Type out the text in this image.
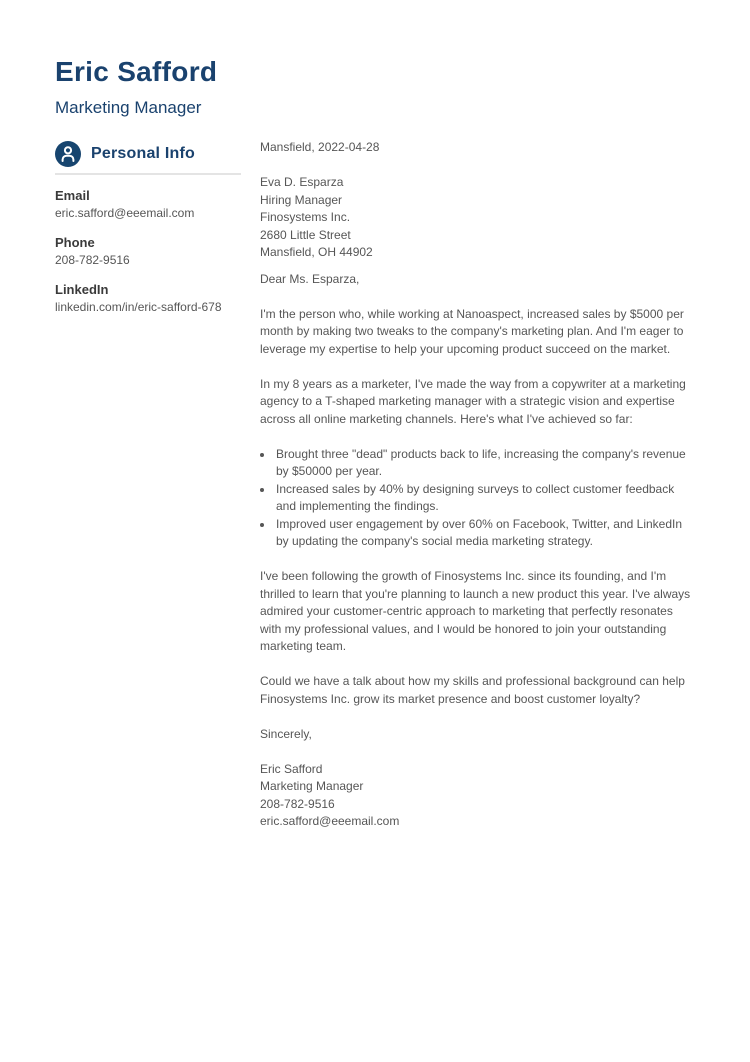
Eric Safford
Marketing Manager
Personal Info
Email
eric.safford@eeemail.com
Phone
208-782-9516
LinkedIn
linkedin.com/in/eric-safford-678

Mansfield, 2022-04-28

Eva D. Esparza

Hiring Manager

Finosystems Inc.

2680 Little Street

Mansfield, OH 44902

Dear Ms. Esparza,

I'm the person who, while working at Nanoaspect, increased sales by $5000 per month by making two tweaks to the company's marketing plan. And I'm eager to leverage my expertise to help your upcoming product succeed on the market.

In my 8 years as a marketer, I've made the way from a copywriter at a marketing agency to a T-shaped marketing manager with a strategic vision and expertise across all online marketing channels. Here's what I've achieved so far:

• Brought three "dead" products back to life, increasing the company's revenue by $50000 per year.
• Increased sales by 40% by designing surveys to collect customer feedback and implementing the findings.
• Improved user engagement by over 60% on Facebook, Twitter, and LinkedIn by updating the company's social media marketing strategy.

I've been following the growth of Finosystems Inc. since its founding, and I'm thrilled to learn that you're planning to launch a new product this year. I've always admired your customer-centric approach to marketing that perfectly resonates with my professional values, and I would be honored to join your outstanding marketing team.

Could we have a talk about how my skills and professional background can help Finosystems Inc. grow its market presence and boost customer loyalty?

Sincerely,

Eric Safford

Marketing Manager

208-782-9516

eric.safford@eeemail.com
